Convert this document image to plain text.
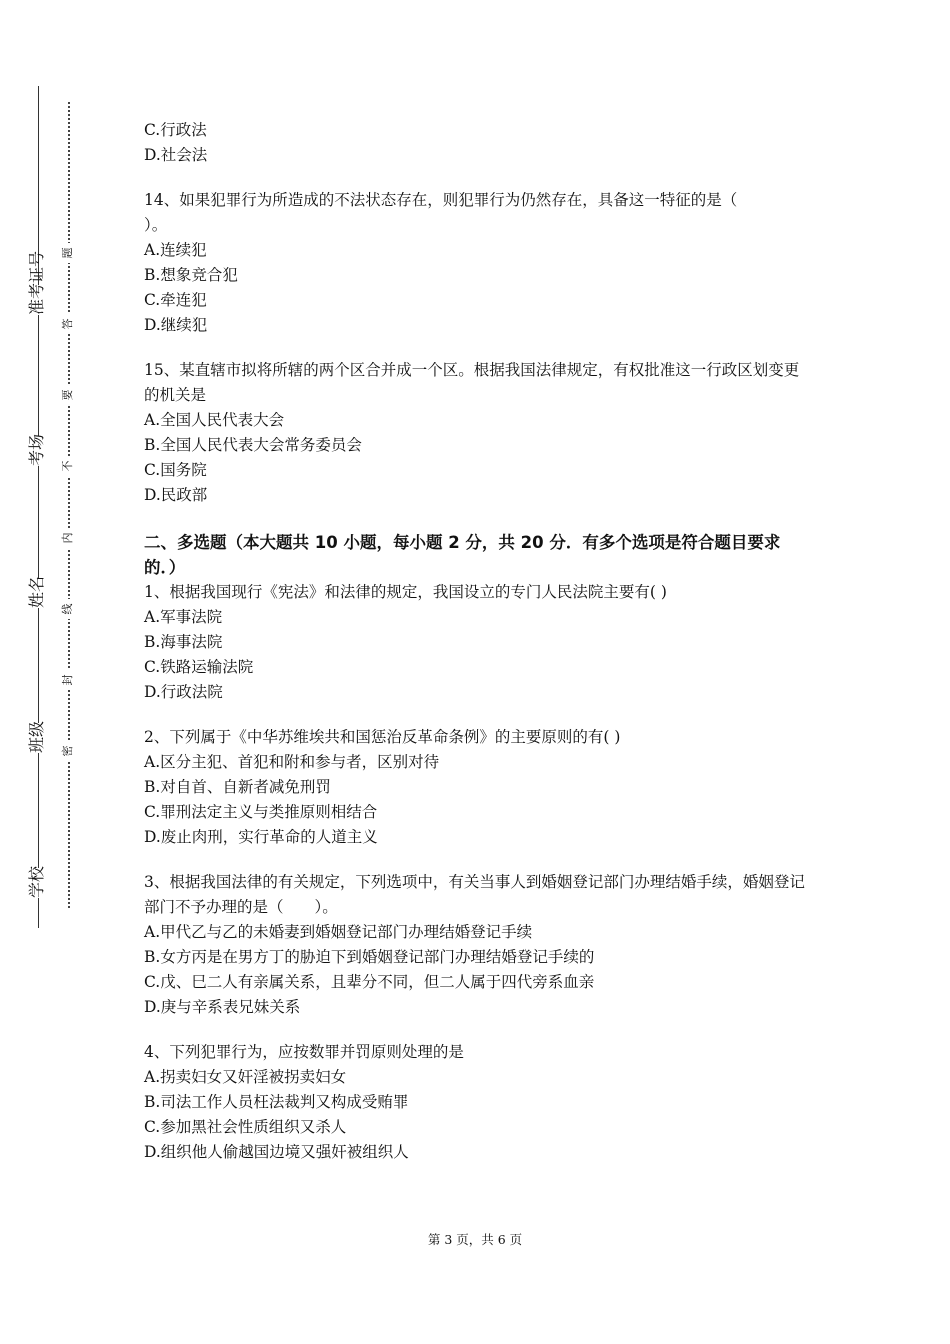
准考证号
考场
姓名
班级
学校
题
答
要
不
内
线
封
密
C.行政法
D.社会法
14、如果犯罪行为所造成的不法状态存在，则犯罪行为仍然存在，具备这一特征的是（
）。
A.连续犯
B.想象竞合犯
C.牵连犯
D.继续犯
15、某直辖市拟将所辖的两个区合并成一个区。根据我国法律规定，有权批准这一行政区划变更的机关是
A.全国人民代表大会
B.全国人民代表大会常务委员会
C.国务院
D.民政部
二、多选题（本大题共 10 小题，每小题 2 分，共 20 分．有多个选项是符合题目要求的．）
1、根据我国现行《宪法》和法律的规定，我国设立的专门人民法院主要有( )
A.军事法院
B.海事法院
C.铁路运输法院
D.行政法院
2、下列属于《中华苏维埃共和国惩治反革命条例》的主要原则的有( )
A.区分主犯、首犯和附和参与者，区别对待
B.对自首、自新者减免刑罚
C.罪刑法定主义与类推原则相结合
D.废止肉刑，实行革命的人道主义
3、根据我国法律的有关规定，下列选项中，有关当事人到婚姻登记部门办理结婚手续，婚姻登记部门不予办理的是（　　）。
A.甲代乙与乙的未婚妻到婚姻登记部门办理结婚登记手续
B.女方丙是在男方丁的胁迫下到婚姻登记部门办理结婚登记手续的
C.戊、巳二人有亲属关系，且辈分不同，但二人属于四代旁系血亲
D.庚与辛系表兄妹关系
4、下列犯罪行为，应按数罪并罚原则处理的是
A.拐卖妇女又奸淫被拐卖妇女
B.司法工作人员枉法裁判又构成受贿罪
C.参加黑社会性质组织又杀人
D.组织他人偷越国边境又强奸被组织人
第 3 页，共 6 页
